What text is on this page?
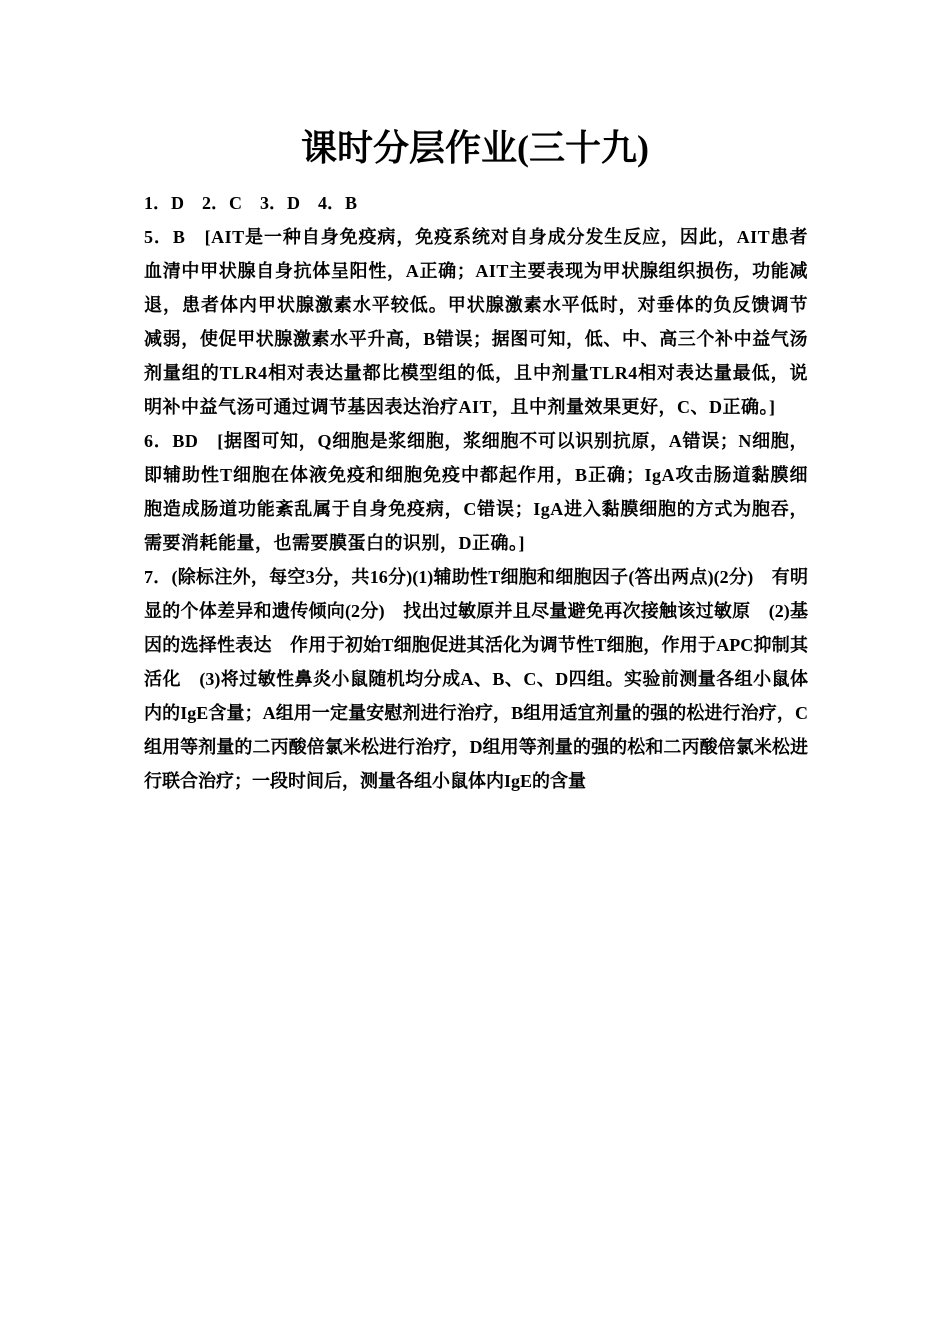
课时分层作业(三十九)

1．D　2．C　3．D　4．B

5．B　[AIT是一种自身免疫病，免疫系统对自身成分发生反应，因此，AIT患者血清中甲状腺自身抗体呈阳性，A正确；AIT主要表现为甲状腺组织损伤，功能减退，患者体内甲状腺激素水平较低。甲状腺激素水平低时，对垂体的负反馈调节减弱，使促甲状腺激素水平升高，B错误；据图可知，低、中、高三个补中益气汤剂量组的TLR4相对表达量都比模型组的低，且中剂量TLR4相对表达量最低，说明补中益气汤可通过调节基因表达治疗AIT，且中剂量效果更好，C、D正确。]

6．BD　[据图可知，Q细胞是浆细胞，浆细胞不可以识别抗原，A错误；N细胞，即辅助性T细胞在体液免疫和细胞免疫中都起作用，B正确；IgA攻击肠道黏膜细胞造成肠道功能紊乱属于自身免疫病，C错误；IgA进入黏膜细胞的方式为胞吞，需要消耗能量，也需要膜蛋白的识别，D正确。]

7．(除标注外，每空3分，共16分)(1)辅助性T细胞和细胞因子(答出两点)(2分)　有明显的个体差异和遗传倾向(2分)　找出过敏原并且尽量避免再次接触该过敏原　(2)基因的选择性表达　作用于初始T细胞促进其活化为调节性T细胞，作用于APC抑制其活化　(3)将过敏性鼻炎小鼠随机均分成A、B、C、D四组。实验前测量各组小鼠体内的IgE含量；A组用一定量安慰剂进行治疗，B组用适宜剂量的强的松进行治疗，C组用等剂量的二丙酸倍氯米松进行治疗，D组用等剂量的强的松和二丙酸倍氯米松进行联合治疗；一段时间后，测量各组小鼠体内IgE的含量
